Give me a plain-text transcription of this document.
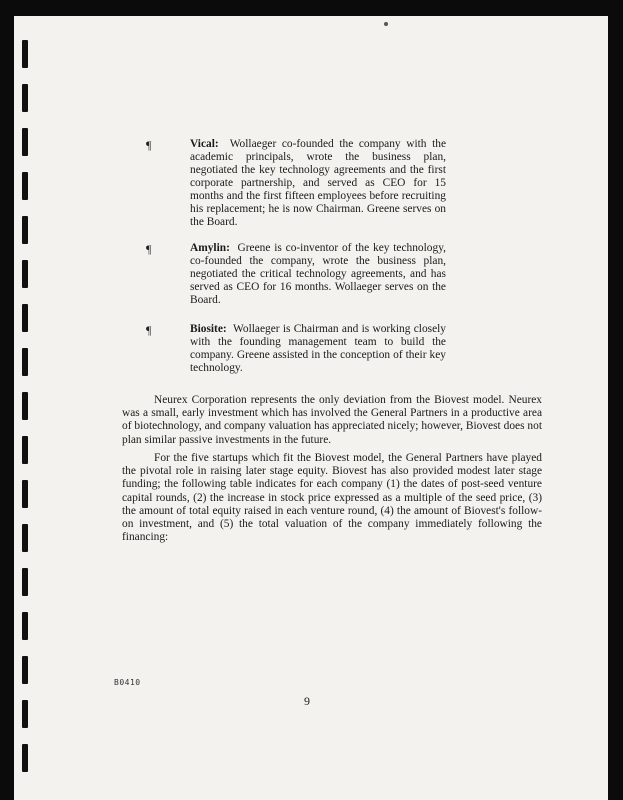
¶	Vical: Wollaeger co-founded the company with the academic principals, wrote the business plan, negotiated the key technology agreements and the first corporate partnership, and served as CEO for 15 months and the first fifteen employees before recruiting his replacement; he is now Chairman. Greene serves on the Board.
¶	Amylin: Greene is co-inventor of the key technology, co-founded the company, wrote the business plan, negotiated the critical technology agreements, and has served as CEO for 16 months. Wollaeger serves on the Board.
¶	Biosite: Wollaeger is Chairman and is working closely with the founding management team to build the company. Greene assisted in the conception of their key technology.

Neurex Corporation represents the only deviation from the Biovest model. Neurex was a small, early investment which has involved the General Partners in a productive area of biotechnology, and company valuation has appreciated nicely; however, Biovest does not plan similar passive investments in the future.

For the five startups which fit the Biovest model, the General Partners have played the pivotal role in raising later stage equity. Biovest has also provided modest later stage funding; the following table indicates for each company (1) the dates of post-seed venture capital rounds, (2) the increase in stock price expressed as a multiple of the seed price, (3) the amount of total equity raised in each venture round, (4) the amount of Biovest's follow-on investment, and (5) the total valuation of the company immediately following the financing:

B0410
9
